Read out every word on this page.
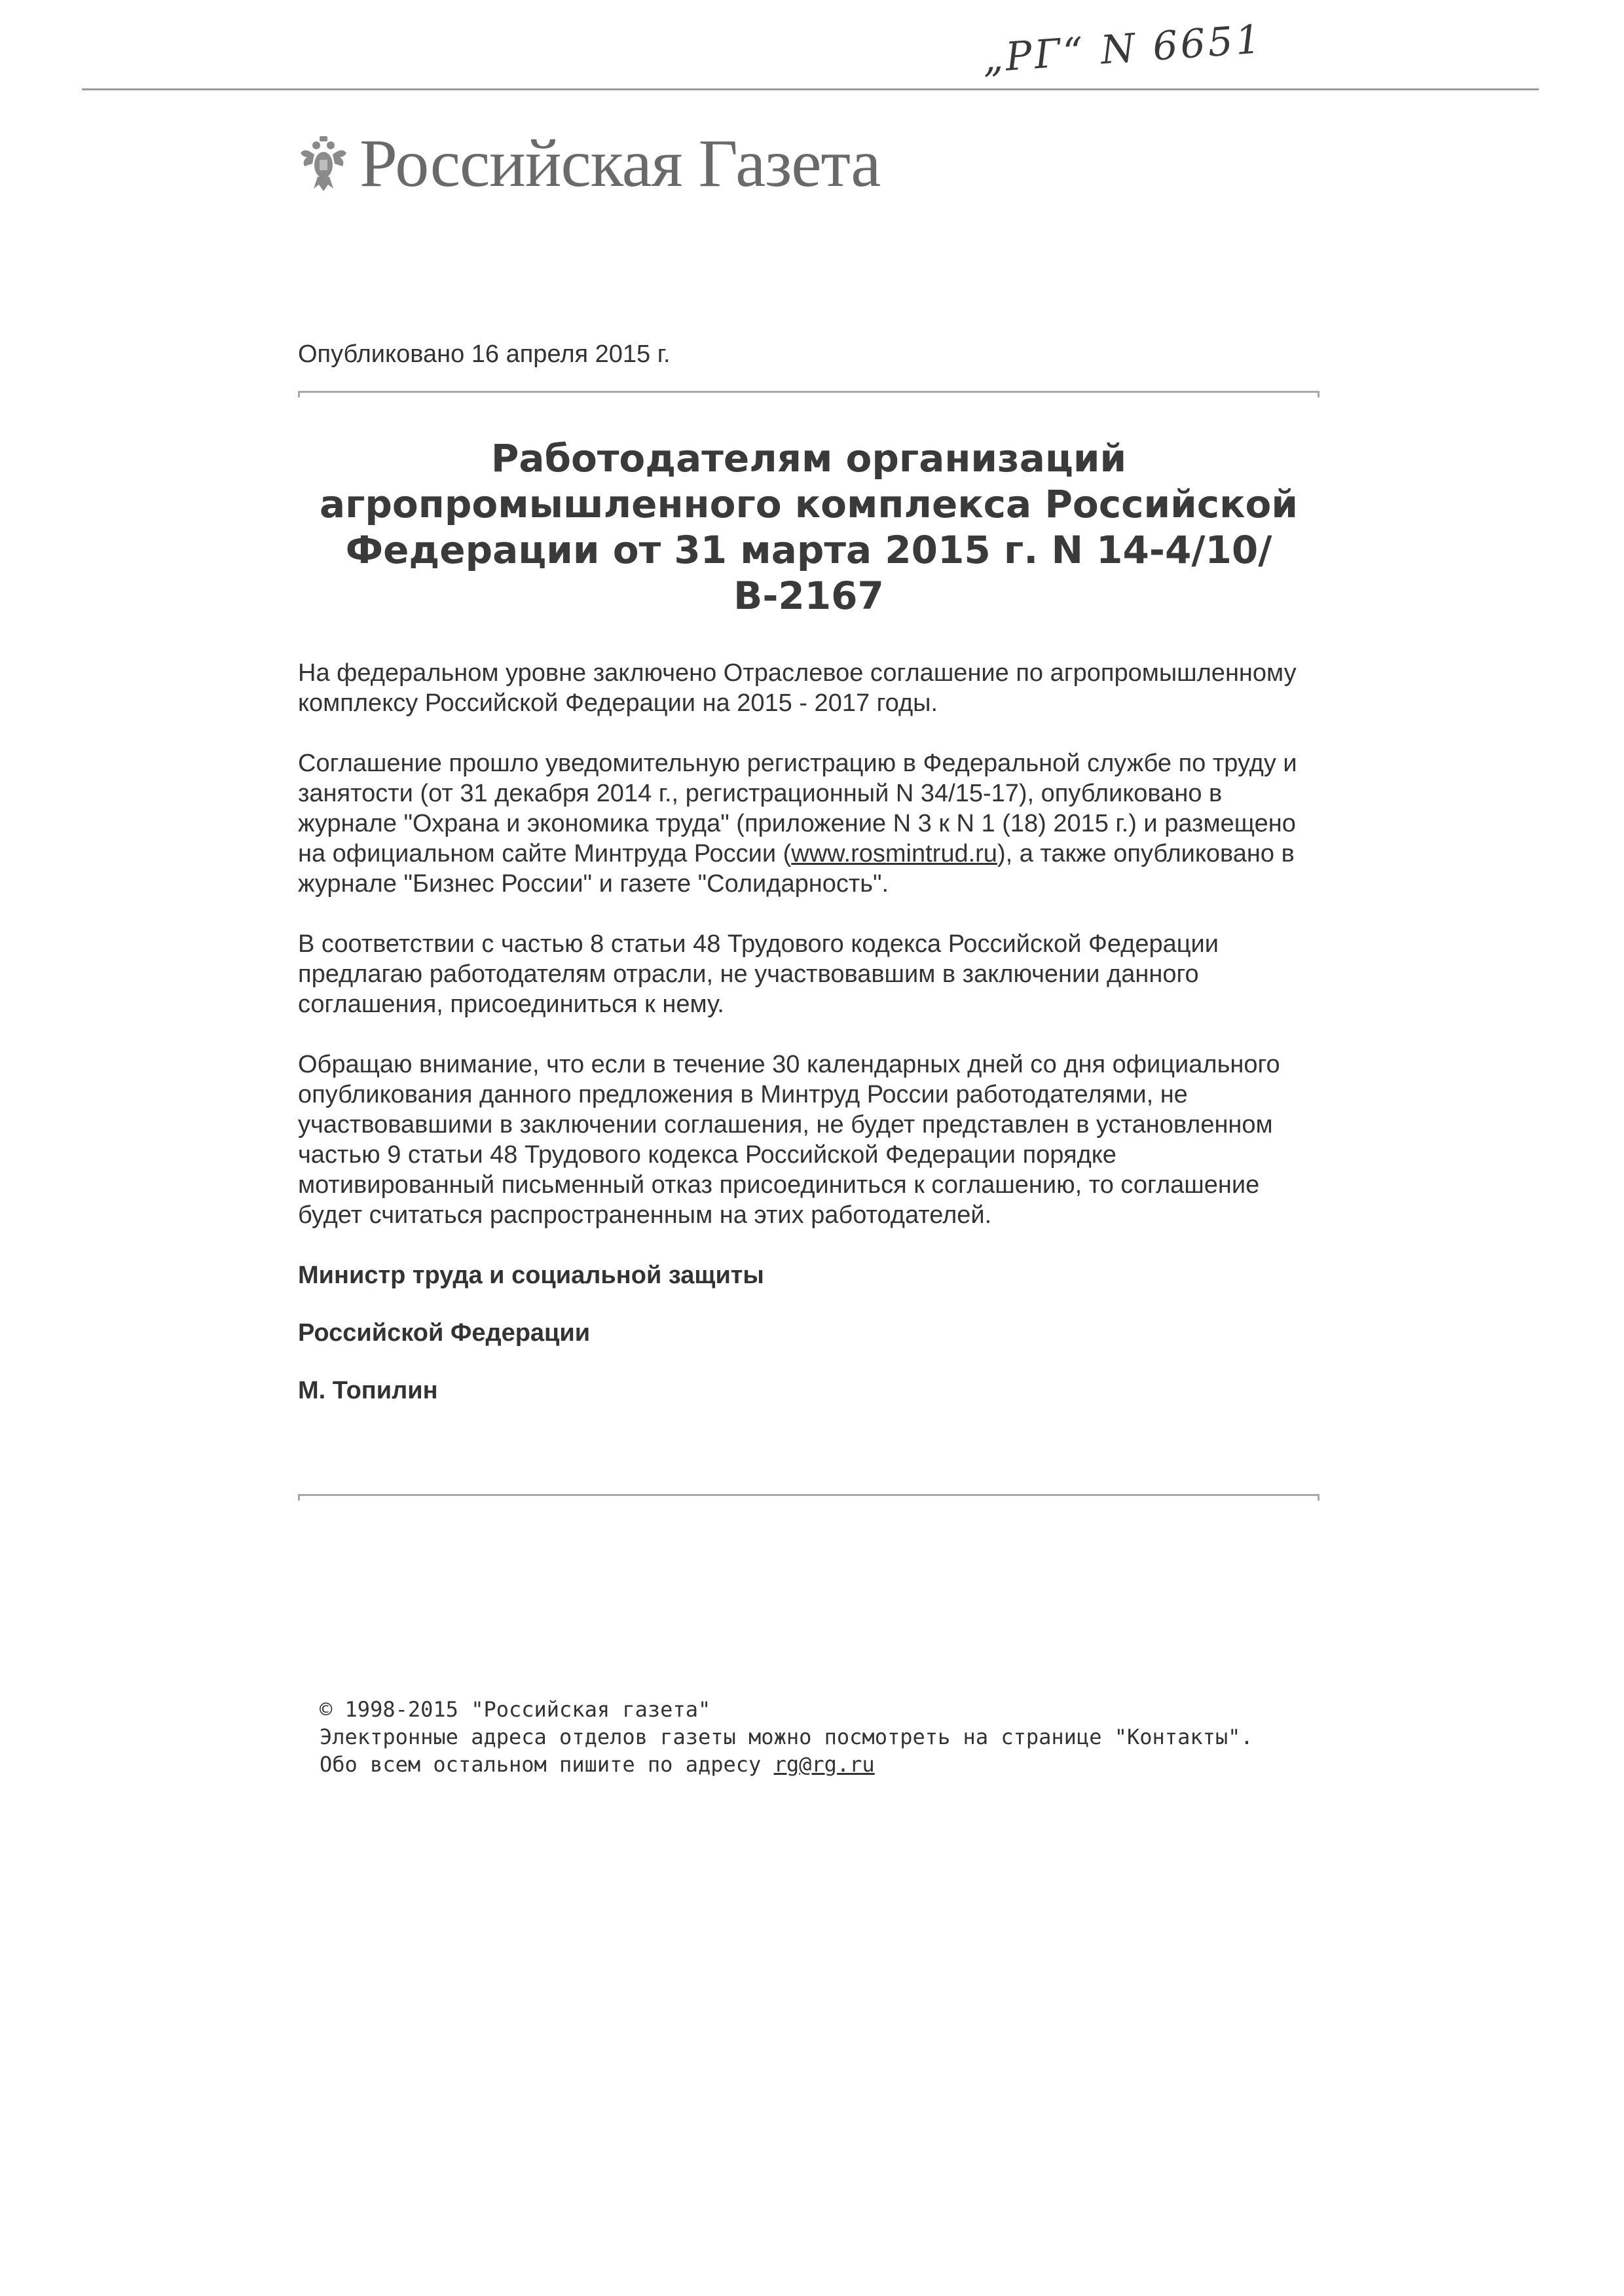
„РГ“ N 6651
Российская Газета
Опубликовано 16 апреля 2015 г.
Работодателям организаций агропромышленного комплекса Российской Федерации от 31 марта 2015 г. N 14-4/10/В-2167

На федеральном уровне заключено Отраслевое соглашение по агропромышленному комплексу Российской Федерации на 2015 - 2017 годы.

Соглашение прошло уведомительную регистрацию в Федеральной службе по труду и занятости (от 31 декабря 2014 г., регистрационный N 34/15-17), опубликовано в журнале "Охрана и экономика труда" (приложение N 3 к N 1 (18) 2015 г.) и размещено на официальном сайте Минтруда России (www.rosmintrud.ru), а также опубликовано в журнале "Бизнес России" и газете "Солидарность".

В соответствии с частью 8 статьи 48 Трудового кодекса Российской Федерации предлагаю работодателям отрасли, не участвовавшим в заключении данного соглашения, присоединиться к нему.

Обращаю внимание, что если в течение 30 календарных дней со дня официального опубликования данного предложения в Минтруд России работодателями, не участвовавшими в заключении соглашения, не будет представлен в установленном частью 9 статьи 48 Трудового кодекса Российской Федерации порядке мотивированный письменный отказ присоединиться к соглашению, то соглашение будет считаться распространенным на этих работодателей.

Министр труда и социальной защиты

Российской Федерации

М. Топилин

© 1998-2015 "Российская газета"
Электронные адреса отделов газеты можно посмотреть на странице "Контакты".
Обо всем остальном пишите по адресу rg@rg.ru
